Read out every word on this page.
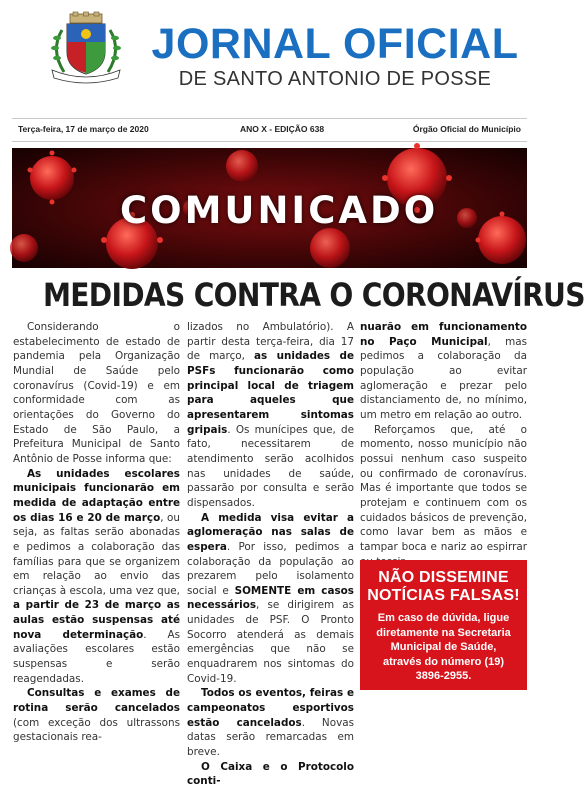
JORNAL OFICIAL
DE SANTO ANTONIO DE POSSE
Terça-feira, 17 de março de 2020	ANO X - EDIÇÃO 638	Órgão Oficial do Município
COMUNICADO
MEDIDAS CONTRA O CORONAVÍRUS

Considerando o estabelecimento de estado de pandemia pela Organização Mundial de Saúde pelo coronavírus (Covid-19) e em conformidade com as orientações do Governo do Estado de São Paulo, a Prefeitura Municipal de Santo Antônio de Posse informa que:

As unidades escolares municipais funcionarão em medida de adaptação entre os dias 16 e 20 de março, ou seja, as faltas serão abonadas e pedimos a colaboração das famílias para que se organizem em relação ao envio das crianças à escola, uma vez que, a partir de 23 de março as aulas estão suspensas até nova determinação. As avaliações escolares estão suspensas e serão reagendadas.

Consultas e exames de rotina serão cancelados (com exceção dos ultrassons gestacionais rea-

lizados no Ambulatório). A partir desta terça-feira, dia 17 de março, as unidades de PSFs funcionarão como principal local de triagem para aqueles que apresentarem sintomas gripais. Os munícipes que, de fato, necessitarem de atendimento serão acolhidos nas unidades de saúde, passarão por consulta e serão dispensados.

A medida visa evitar a aglomeração nas salas de espera. Por isso, pedimos a colaboração da população ao prezarem pelo isolamento social e SOMENTE em casos necessários, se dirigirem as unidades de PSF. O Pronto Socorro atenderá as demais emergências que não se enquadrarem nos sintomas do Covid-19.

Todos os eventos, feiras e campeonatos esportivos estão cancelados. Novas datas serão remarcadas em breve.

O Caixa e o Protocolo conti-

nuarão em funcionamento no Paço Municipal, mas pedimos a colaboração da população ao evitar aglomeração e prezar pelo distanciamento de, no mínimo, um metro em relação ao outro.

Reforçamos que, até o momento, nosso município não possui nenhum caso suspeito ou confirmado de coronavírus. Mas é importante que todos se protejam e continuem com os cuidados básicos de prevenção, como lavar bem as mãos e tampar boca e nariz ao espirrar

NÃO DISSEMINE NOTÍCIAS FALSAS!
Em caso de dúvida, ligue diretamente na Secretaria Municipal de Saúde, através do número (19) 3896-2955.
